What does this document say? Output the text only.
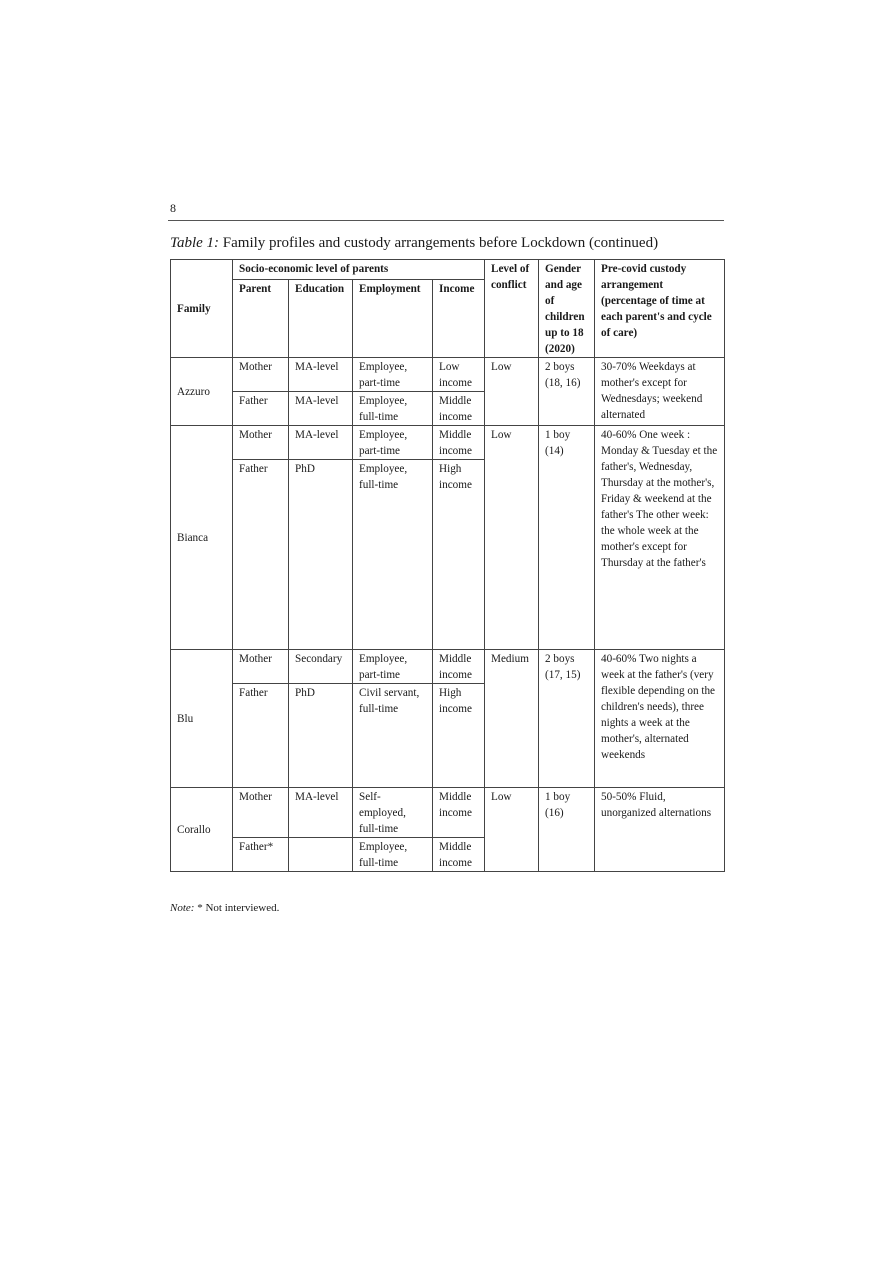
8
Table 1: Family profiles and custody arrangements before Lockdown (continued)
Family	Socio-economic level of parents				Level of conflict	Gender and age of children up to 18 (2020)	Pre-covid custody arrangement (percentage of time at each parent's and cycle of care)
	Parent	Education	Employment	Income			
Azzuro	Mother	MA-level	Employee, part-time	Low income	Low	2 boys (18, 16)	30-70% Weekdays at mother's except for Wednesdays; weekend alternated
	Father	MA-level	Employee, full-time	Middle income			
Bianca	Mother	MA-level	Employee, part-time	Middle income	Low	1 boy (14)	40-60% One week : Monday & Tuesday et the father's, Wednesday, Thursday at the mother's, Friday & weekend at the father's The other week: the whole week at the mother's except for Thursday at the father's
	Father	PhD	Employee, full-time	High income			
Blu	Mother	Secondary	Employee, part-time	Middle income	Medium	2 boys (17, 15)	40-60% Two nights a week at the father's (very flexible depending on the children's needs), three nights a week at the mother's, alternated weekends
	Father	PhD	Civil servant, full-time	High income			
Corallo	Mother	MA-level	Self-employed, full-time	Middle income	Low	1 boy (16)	50-50% Fluid, unorganized alternations
	Father*		Employee, full-time	Middle income			
Note: * Not interviewed.
